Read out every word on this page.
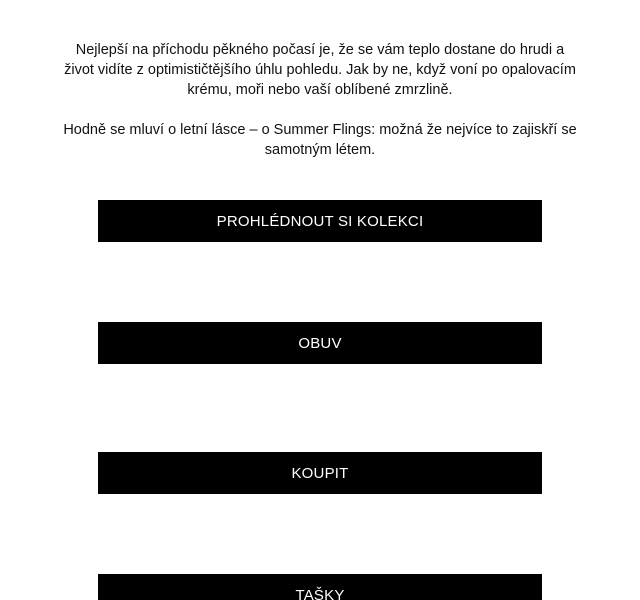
Nejlepší na příchodu pěkného počasí je, že se vám teplo dostane do hrudi a život vidíte z optimističtějšího úhlu pohledu. Jak by ne, když voní po opalovacím krému, moři nebo vaší oblíbené zmrzlině.

Hodně se mluví o letní lásce – o Summer Flings: možná že nejvíce to zajiskří se samotným létem.

PROHLÉDNOUT SI KOLEKCI
OBUV
KOUPIT
TAŠKY
